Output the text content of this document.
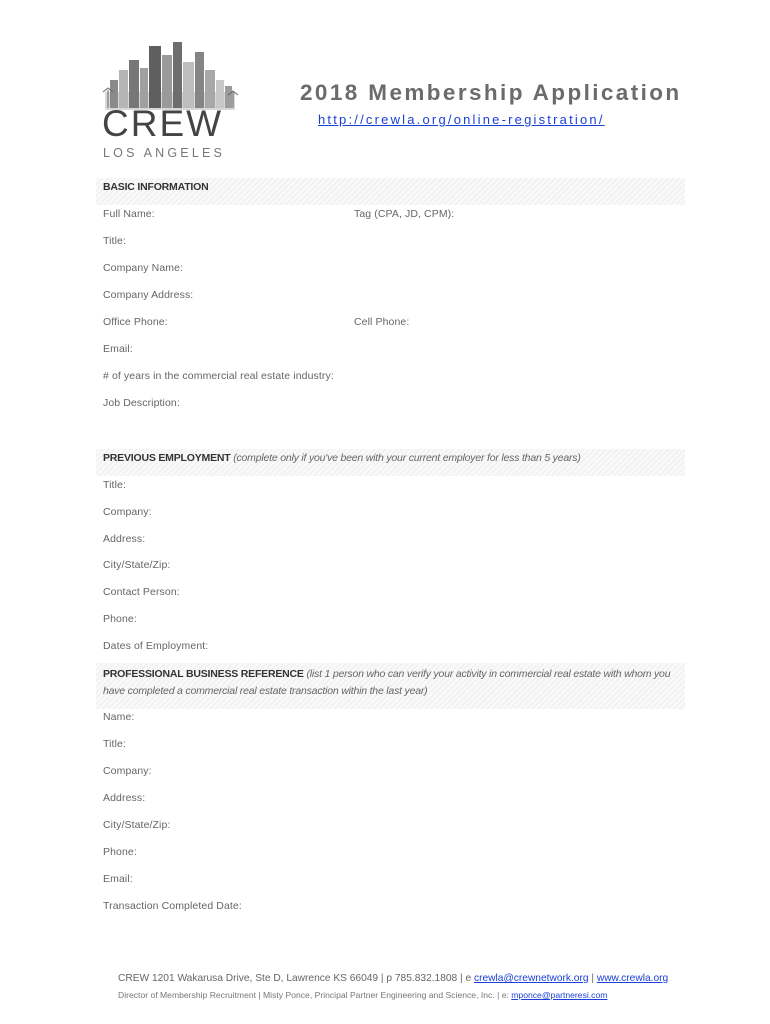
CREW
LOS ANGELES
2018 Membership Application
http://crewla.org/online-registration/
BASIC INFORMATION
Full Name:	Tag (CPA, JD, CPM):
Title:
Company Name:
Company Address:
Office Phone:	Cell Phone:
Email:
# of years in the commercial real estate industry:
Job Description:
PREVIOUS EMPLOYMENT (complete only if you've been with your current employer for less than 5 years)
Title:
Company:
Address:
City/State/Zip:
Contact Person:
Phone:
Dates of Employment:
PROFESSIONAL BUSINESS REFERENCE (list 1 person who can verify your activity in commercial real estate with whom you have completed a commercial real estate transaction within the last year)
Name:
Title:
Company:
Address:
City/State/Zip:
Phone:
Email:
Transaction Completed Date:
CREW 1201 Wakarusa Drive, Ste D, Lawrence KS 66049 | p 785.832.1808 | e crewla@crewnetwork.org | www.crewla.org
Director of Membership Recruitment | Misty Ponce, Principal Partner Engineering and Science, Inc. | e: mponce@partneresi.com
